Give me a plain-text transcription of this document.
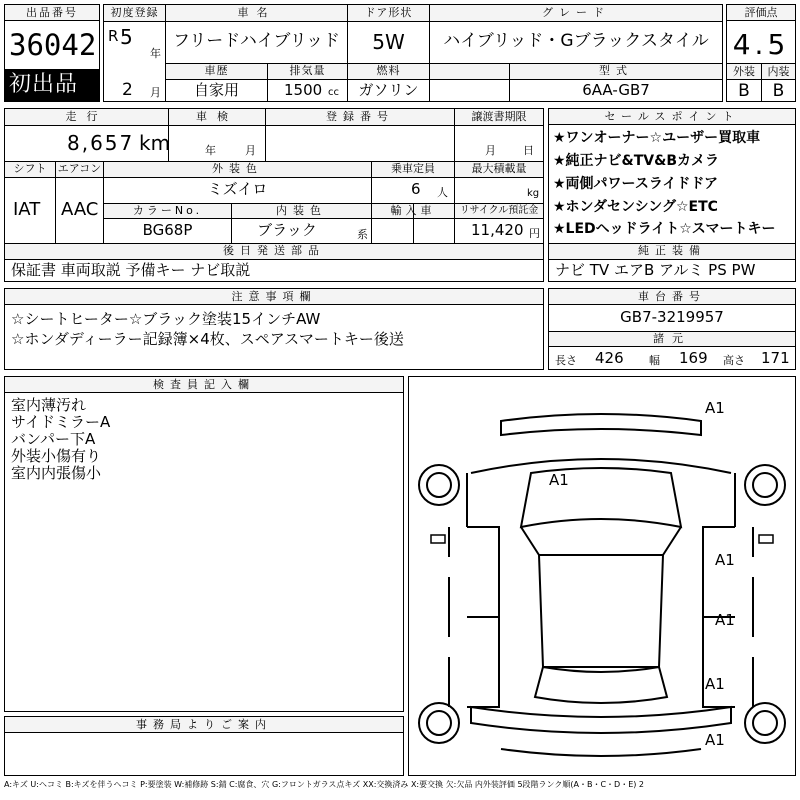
出品番号
36042
初出品
初度登録	車名	ドア形状	グレード
R 5
年
2 月
フリードハイブリッド	5W	ハイブリッド・Gブラックスタイル
車歴	排気量	燃料	型式
自家用	1500 cc	ガソリン	6AA-GB7
評価点
4.5
外装	内装
B	B
走行	車検	登録番号	譲渡書期限
8,657 km	年	月	月 日
シフト	エアコン	外装色	乗車定員	最大積載量
IAT AAC
ミズイロ	6 人	kg
カラーNo.	内装色	輸入車	リサイクル預託金
BG68P	ブラック	系	11,420 円
後日発送部品
保証書 車両取説 予備キー ナビ取説
セールスポイント
★ワンオーナー☆ユーザー買取車
★純正ナビ&TV&Bカメラ
★両側パワースライドドア
★ホンダセンシング☆ETC
★LEDヘッドライト☆スマートキー
純正装備
ナビ TV エアB アルミ PS PW
注意事項欄
☆シートヒーター☆ブラック塗装15インチAW
☆ホンダディーラー記録簿×4枚、スペアスマートキー後送
車台番号
GB7-3219957
諸元
長さ 426 幅 169 高さ 171
検査員記入欄
室内薄汚れ
サイドミラーA
バンパー下A
外装小傷有り
室内内張傷小
事務局よりご案内
A1
A1
A1
A1
A1
A1
A:キズ U:ヘコミ B:キズを伴うヘコミ P:要塗装 W:補修跡 S:錆 C:腐食、穴 G:フロントガラス点キズ XX:交換済み X:要交換 欠:欠品 内外装評価 5段階ランク順(A・B・C・D・E) 2
